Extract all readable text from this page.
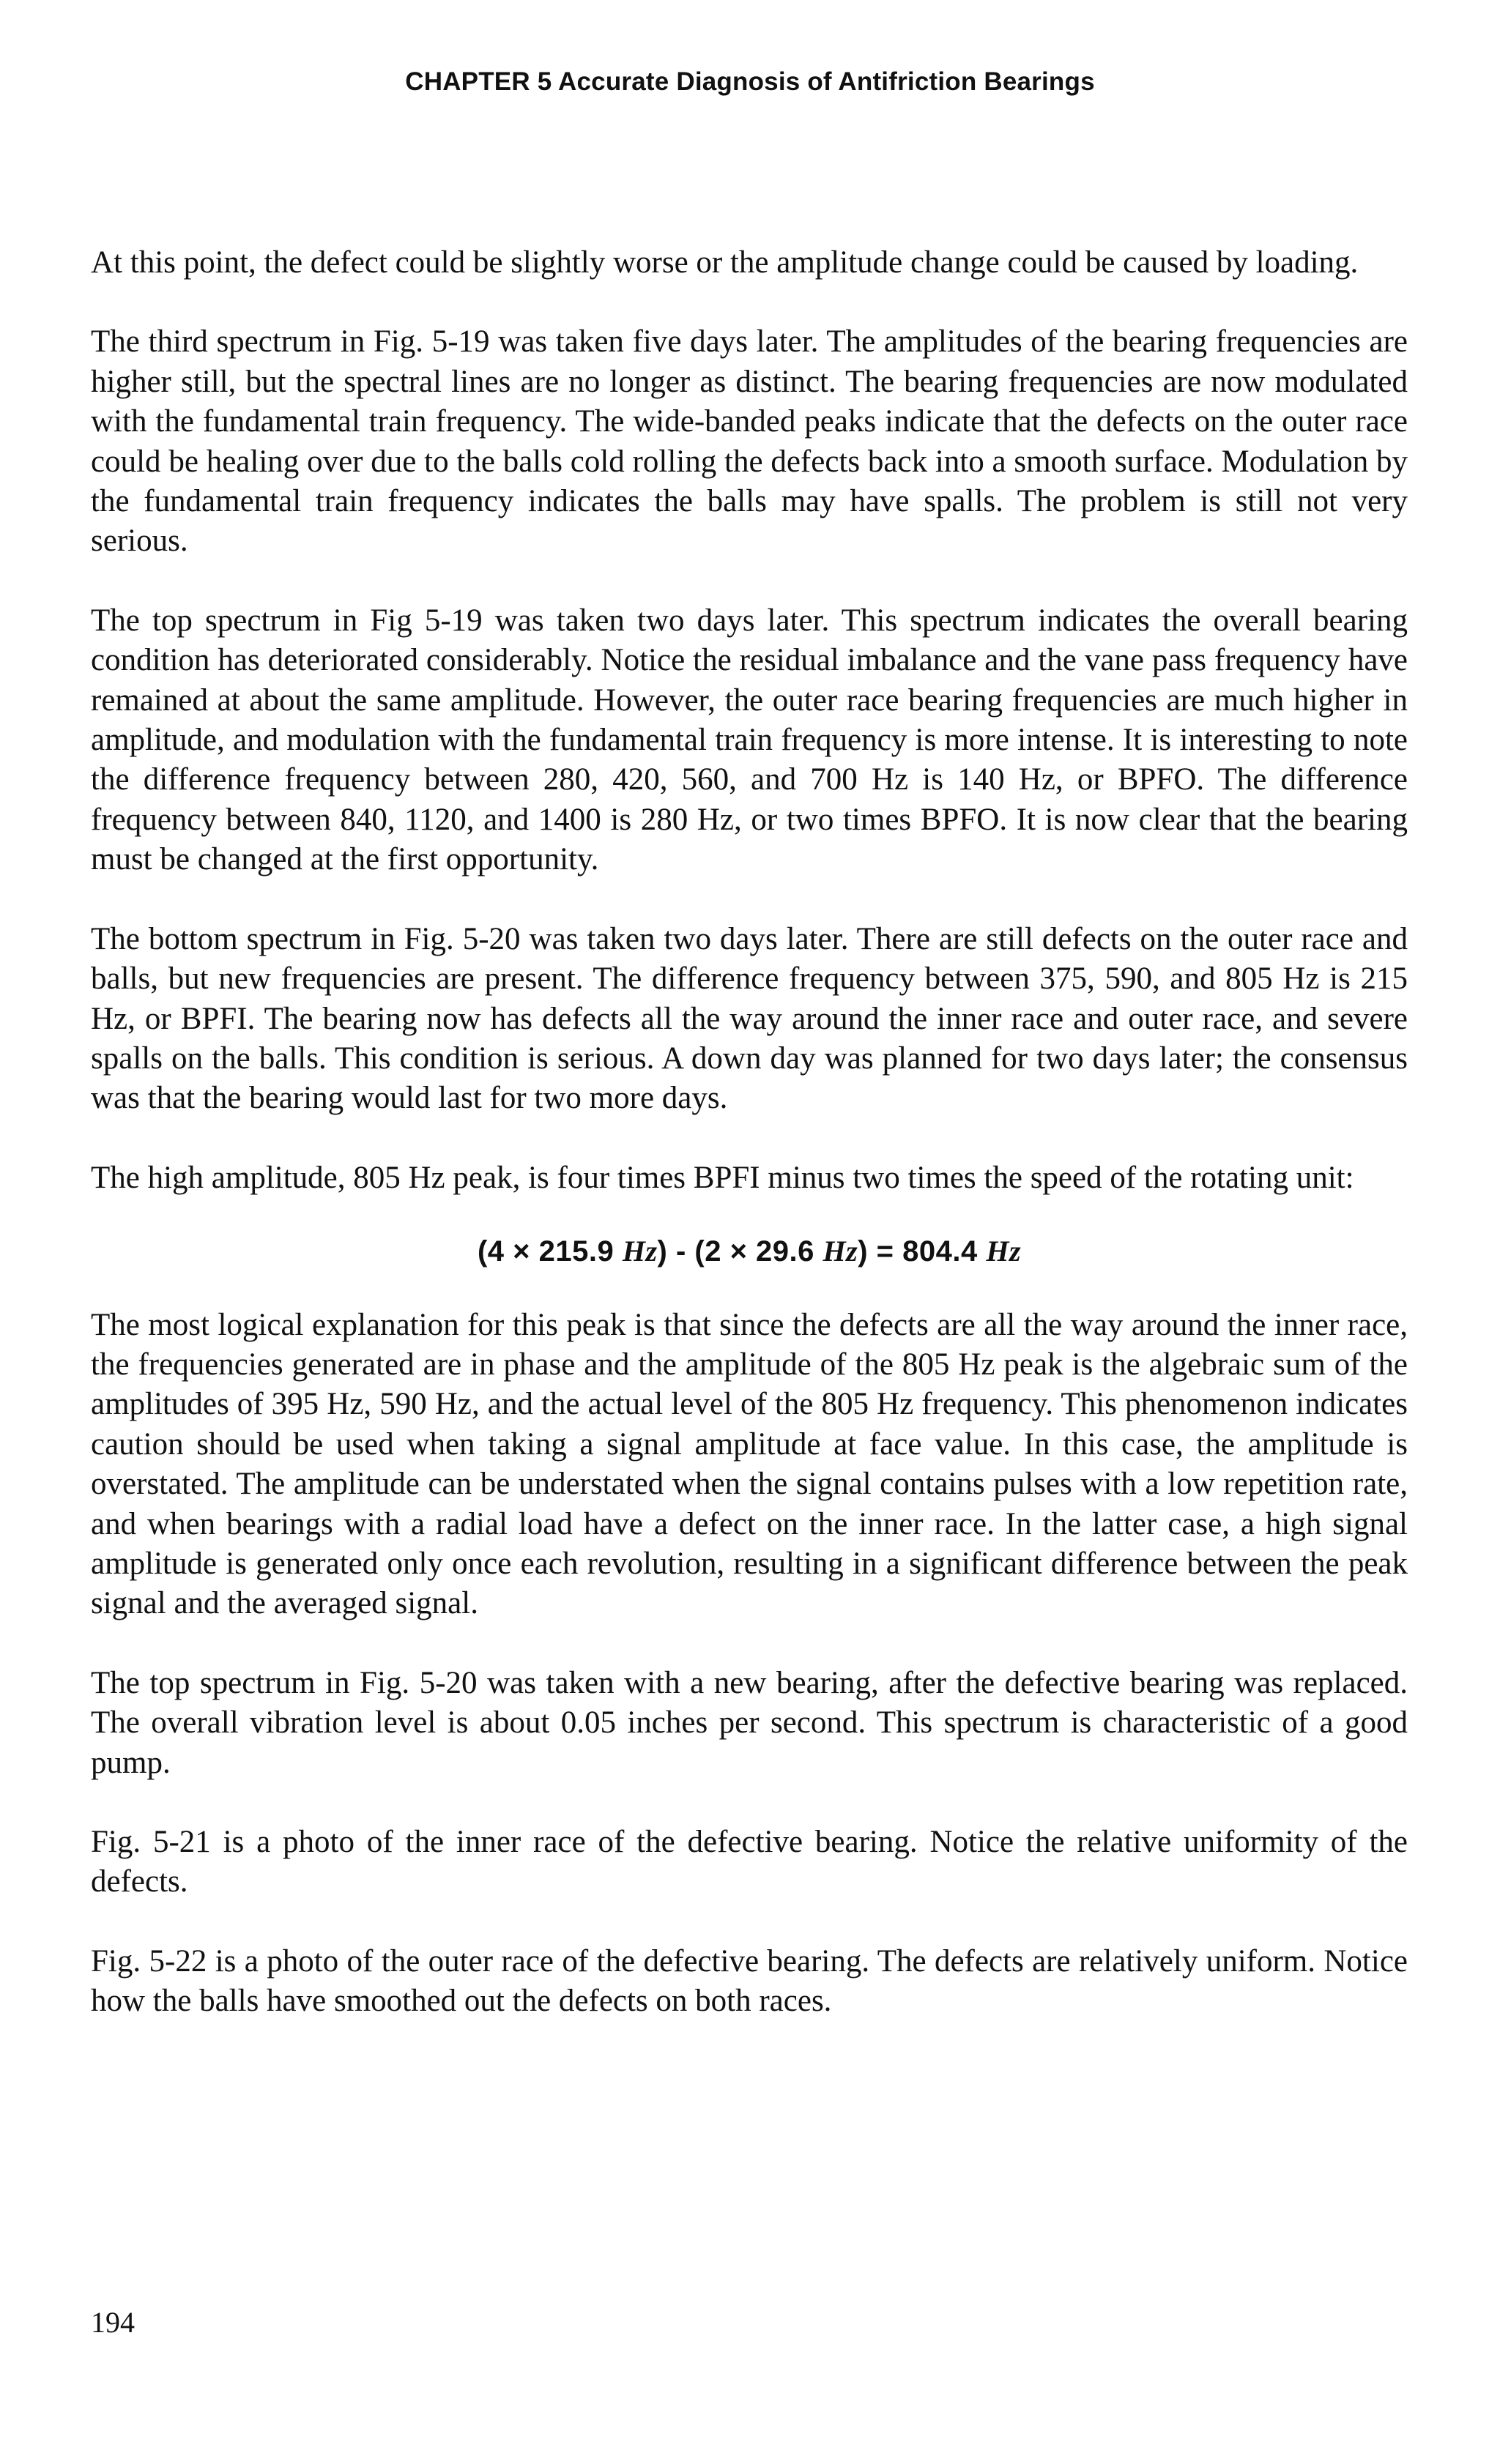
CHAPTER 5 Accurate Diagnosis of Antifriction Bearings

At this point, the defect could be slightly worse or the amplitude change could be caused by loading.

The third spectrum in Fig. 5-19 was taken five days later. The amplitudes of the bearing frequencies are higher still, but the spectral lines are no longer as distinct. The bearing frequencies are now modulated with the fundamental train frequency. The wide-banded peaks indicate that the defects on the outer race could be healing over due to the balls cold rolling the defects back into a smooth surface. Modulation by the fundamental train frequency indicates the balls may have spalls. The problem is still not very serious.

The top spectrum in Fig 5-19 was taken two days later. This spectrum indicates the overall bearing condition has deteriorated considerably. Notice the residual imbalance and the vane pass frequency have remained at about the same amplitude. However, the outer race bearing frequencies are much higher in amplitude, and modulation with the fundamental train frequency is more intense. It is interesting to note the difference frequency between 280, 420, 560, and 700 Hz is 140 Hz, or BPFO. The difference frequency between 840, 1120, and 1400 is 280 Hz, or two times BPFO. It is now clear that the bearing must be changed at the first opportunity.

The bottom spectrum in Fig. 5-20 was taken two days later. There are still defects on the outer race and balls, but new frequencies are present. The difference frequency between 375, 590, and 805 Hz is 215 Hz, or BPFI. The bearing now has defects all the way around the inner race and outer race, and severe spalls on the balls. This condition is serious. A down day was planned for two days later; the consensus was that the bearing would last for two more days.

The high amplitude, 805 Hz peak, is four times BPFI minus two times the speed of the rotating unit:

(4 × 215.9 Hz) - (2 × 29.6 Hz) = 804.4 Hz

The most logical explanation for this peak is that since the defects are all the way around the inner race, the frequencies generated are in phase and the amplitude of the 805 Hz peak is the algebraic sum of the amplitudes of 395 Hz, 590 Hz, and the actual level of the 805 Hz frequency. This phenomenon indicates caution should be used when taking a signal amplitude at face value. In this case, the amplitude is overstated. The amplitude can be understated when the signal contains pulses with a low repetition rate, and when bearings with a radial load have a defect on the inner race. In the latter case, a high signal amplitude is generated only once each revolution, resulting in a significant difference between the peak signal and the averaged signal.

The top spectrum in Fig. 5-20 was taken with a new bearing, after the defective bearing was replaced. The overall vibration level is about 0.05 inches per second. This spectrum is characteristic of a good pump.

Fig. 5-21 is a photo of the inner race of the defective bearing. Notice the relative uniformity of the defects.

Fig. 5-22 is a photo of the outer race of the defective bearing. The defects are relatively uniform. Notice how the balls have smoothed out the defects on both races.

194
